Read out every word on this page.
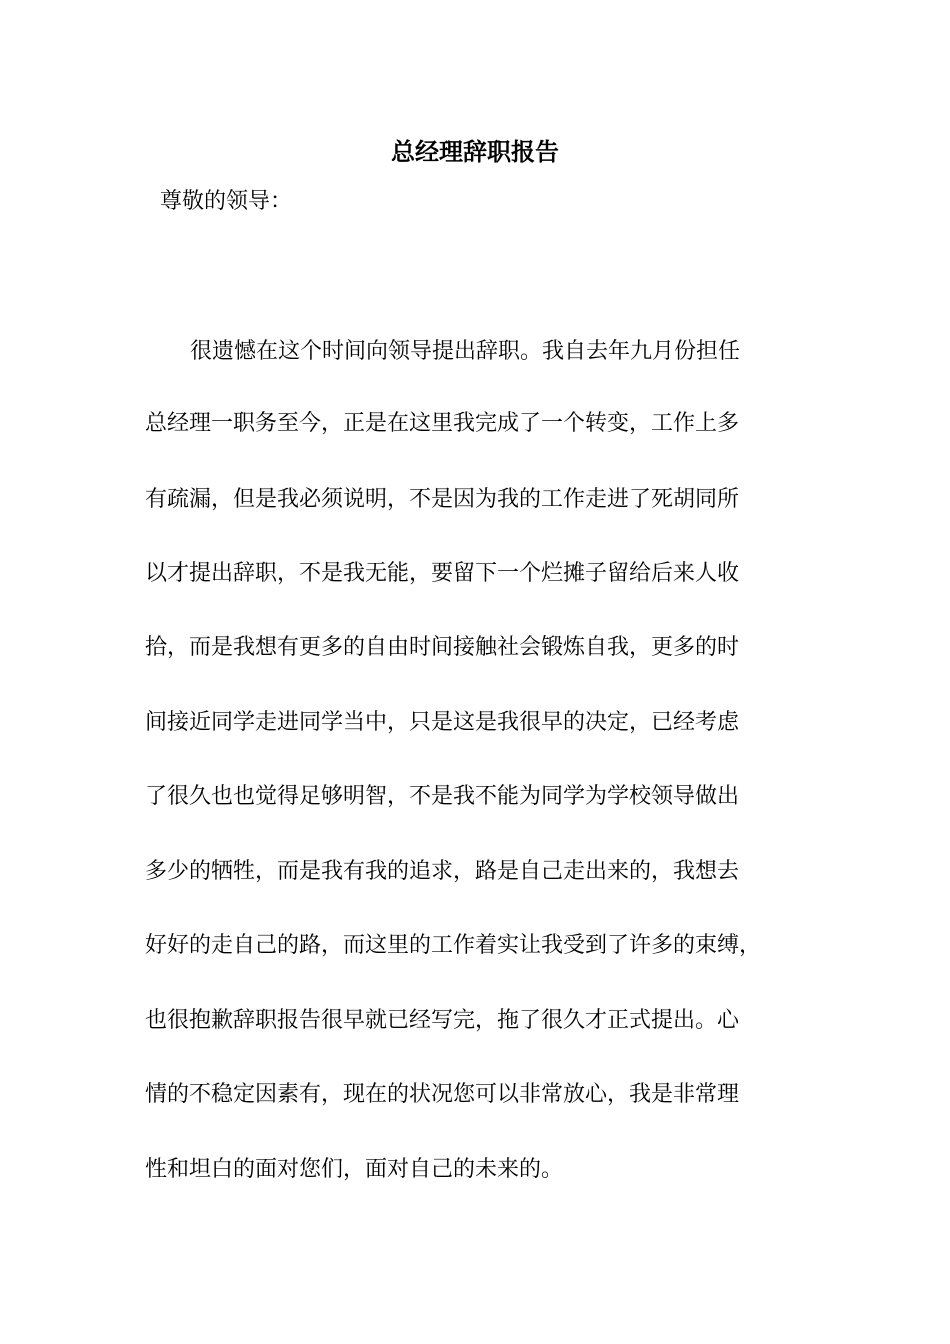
总经理辞职报告
尊敬的领导：
很遗憾在这个时间向领导提出辞职。我自去年九月份担任
总经理一职务至今，正是在这里我完成了一个转变，工作上多
有疏漏，但是我必须说明，不是因为我的工作走进了死胡同所
以才提出辞职，不是我无能，要留下一个烂摊子留给后来人收
拾，而是我想有更多的自由时间接触社会锻炼自我，更多的时
间接近同学走进同学当中，只是这是我很早的决定，已经考虑
了很久也也觉得足够明智，不是我不能为同学为学校领导做出
多少的牺牲，而是我有我的追求，路是自己走出来的，我想去
好好的走自己的路，而这里的工作着实让我受到了许多的束缚，
也很抱歉辞职报告很早就已经写完，拖了很久才正式提出。心
情的不稳定因素有，现在的状况您可以非常放心，我是非常理
性和坦白的面对您们，面对自己的未来的。
